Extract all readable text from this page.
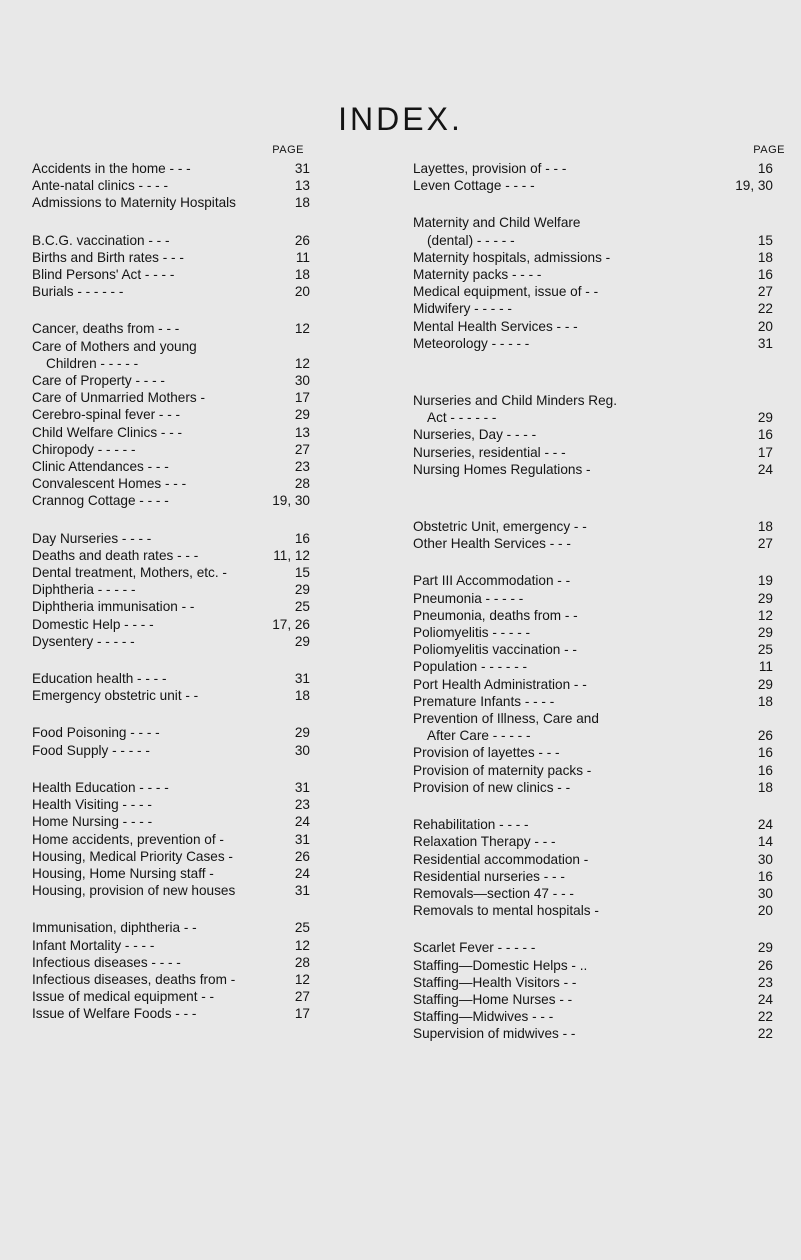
INDEX.
PAGE
Accidents in the home - - -	31
Ante-natal clinics - - - -	13
Admissions to Maternity Hospitals	18
B.C.G. vaccination - - -	26
Births and Birth rates - - -	11
Blind Persons' Act - - - -	18
Burials - - - - - -	20
Cancer, deaths from - - -	12
Care of Mothers and young
Children - - - - -	12
Care of Property - - - -	30
Care of Unmarried Mothers -	17
Cerebro-spinal fever - - -	29
Child Welfare Clinics - - -	13
Chiropody - - - - -	27
Clinic Attendances - - -	23
Convalescent Homes - - -	28
Crannog Cottage - - - -	19, 30
Day Nurseries - - - -	16
Deaths and death rates - - -	11, 12
Dental treatment, Mothers, etc. -	15
Diphtheria - - - - -	29
Diphtheria immunisation - -	25
Domestic Help - - - -	17, 26
Dysentery - - - - -	29
Education health - - - -	31
Emergency obstetric unit - -	18
Food Poisoning - - - -	29
Food Supply - - - - -	30
Health Education - - - -	31
Health Visiting - - - -	23
Home Nursing - - - -	24
Home accidents, prevention of -	31
Housing, Medical Priority Cases -	26
Housing, Home Nursing staff -	24
Housing, provision of new houses	31
Immunisation, diphtheria - -	25
Infant Mortality - - - -	12
Infectious diseases - - - -	28
Infectious diseases, deaths from -	12
Issue of medical equipment - -	27
Issue of Welfare Foods - - -	17
PAGE
Layettes, provision of - - -	16
Leven Cottage - - - -	19, 30
Maternity and Child Welfare
(dental) - - - - -	15
Maternity hospitals, admissions -	18
Maternity packs - - - -	16
Medical equipment, issue of - -	27
Midwifery - - - - -	22
Mental Health Services - - -	20
Meteorology - - - - -	31
Nurseries and Child Minders Reg.
Act - - - - - -	29
Nurseries, Day - - - -	16
Nurseries, residential - - -	17
Nursing Homes Regulations -	24
Obstetric Unit, emergency - -	18
Other Health Services - - -	27
Part III Accommodation - -	19
Pneumonia - - - - -	29
Pneumonia, deaths from - -	12
Poliomyelitis - - - - -	29
Poliomyelitis vaccination - -	25
Population - - - - - -	11
Port Health Administration - -	29
Premature Infants - - - -	18
Prevention of Illness, Care and
After Care - - - - -	26
Provision of layettes - - -	16
Provision of maternity packs -	16
Provision of new clinics - -	18
Rehabilitation - - - -	24
Relaxation Therapy - - -	14
Residential accommodation -	30
Residential nurseries - - -	16
Removals—section 47 - - -	30
Removals to mental hospitals -	20
Scarlet Fever - - - - -	29
Staffing—Domestic Helps - ..	26
Staffing—Health Visitors - -	23
Staffing—Home Nurses - -	24
Staffing—Midwives - - -	22
Supervision of midwives - -	22
